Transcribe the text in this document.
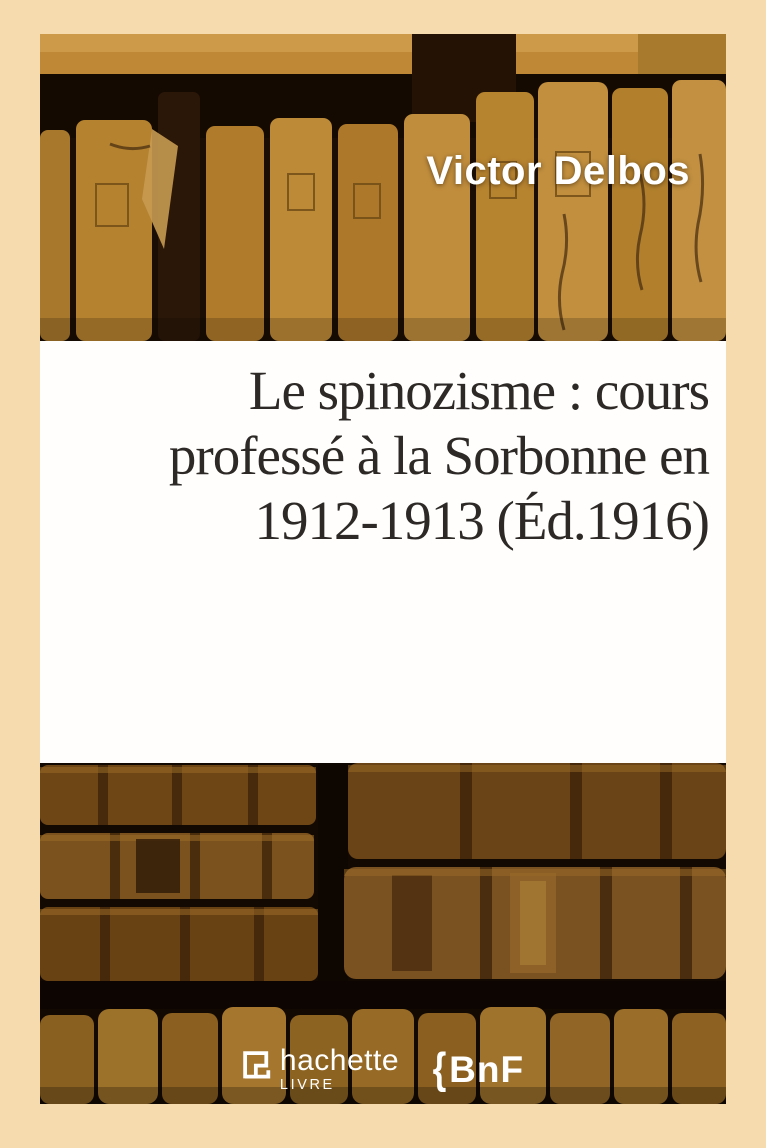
Victor Delbos
Le spinozisme : cours
professé à la Sorbonne en
1912-1913 (Éd.1916)
hachette
LIVRE	{ BnF
